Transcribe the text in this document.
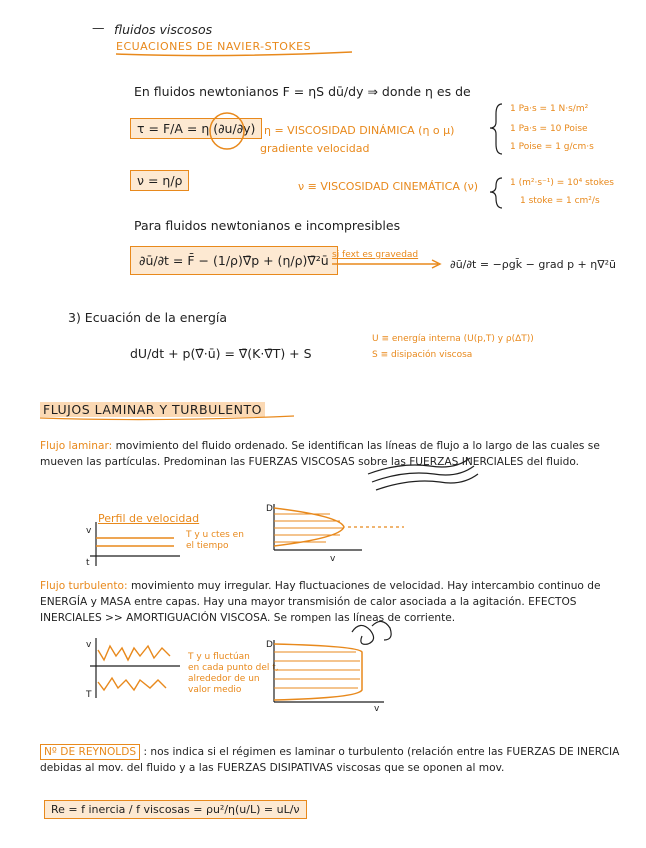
— fluidos viscosos
ECUACIONES DE NAVIER-STOKES
En fluidos newtonianos F = ηS dū/dy ⇒ donde η es de
τ = F/A = η (∂u/∂y) η = VISCOSIDAD DINÁMICA (η o μ)
gradiente velocidad
1 Pa·s = 1 N·s/m²
1 Pa·s = 10 Poise
1 Poise = 1 g/cm·s
ν = η/ρ	ν ≡ VISCOSIDAD CINEMÁTICA (ν)	1 (m²·s⁻¹) = 10⁴ stokes
1 stoke = 1 cm²/s
Para fluidos newtonianos e incompresibles
∂ū/∂t = F̄ − (1/ρ)∇̄p + (η/ρ)∇̄²ū si fext es gravedad
∂ū/∂t = −ρgk̄ − grad p + η∇²ū
3) Ecuación de la energía
dU/dt + p(∇̄·ū) = ∇̄(K·∇̄T) + S
U ≡ energía interna (U(p,T) y ρ(ΔT))
S ≡ disipación viscosa
FLUJOS LAMINAR Y TURBULENTO
Flujo laminar: movimiento del fluido ordenado. Se identifican las líneas de flujo a lo largo de las cuales se mueven las partículas. Predominan las FUERZAS VISCOSAS sobre las FUERZAS INERCIALES del fluido.
Perfil de velocidad
T y u ctes en
el tiempo
v
t
D
v
Flujo turbulento: movimiento muy irregular. Hay fluctuaciones de velocidad. Hay intercambio continuo de ENERGÍA y MASA entre capas. Hay una mayor transmisión de calor asociada a la agitación. EFECTOS INERCIALES >> AMORTIGUACIÓN VISCOSA. Se rompen las líneas de corriente.
T y u fluctúan
en cada punto del t,
alrededor de un
valor medio
v
T
D
v
Nº DE REYNOLDS : nos indica si el régimen es laminar o turbulento (relación entre las FUERZAS DE INERCIA debidas al mov. del fluido y a las FUERZAS DISIPATIVAS viscosas que se oponen al mov.
Re = f inercia / f viscosas = ρu²/η(u/L) = uL/ν
